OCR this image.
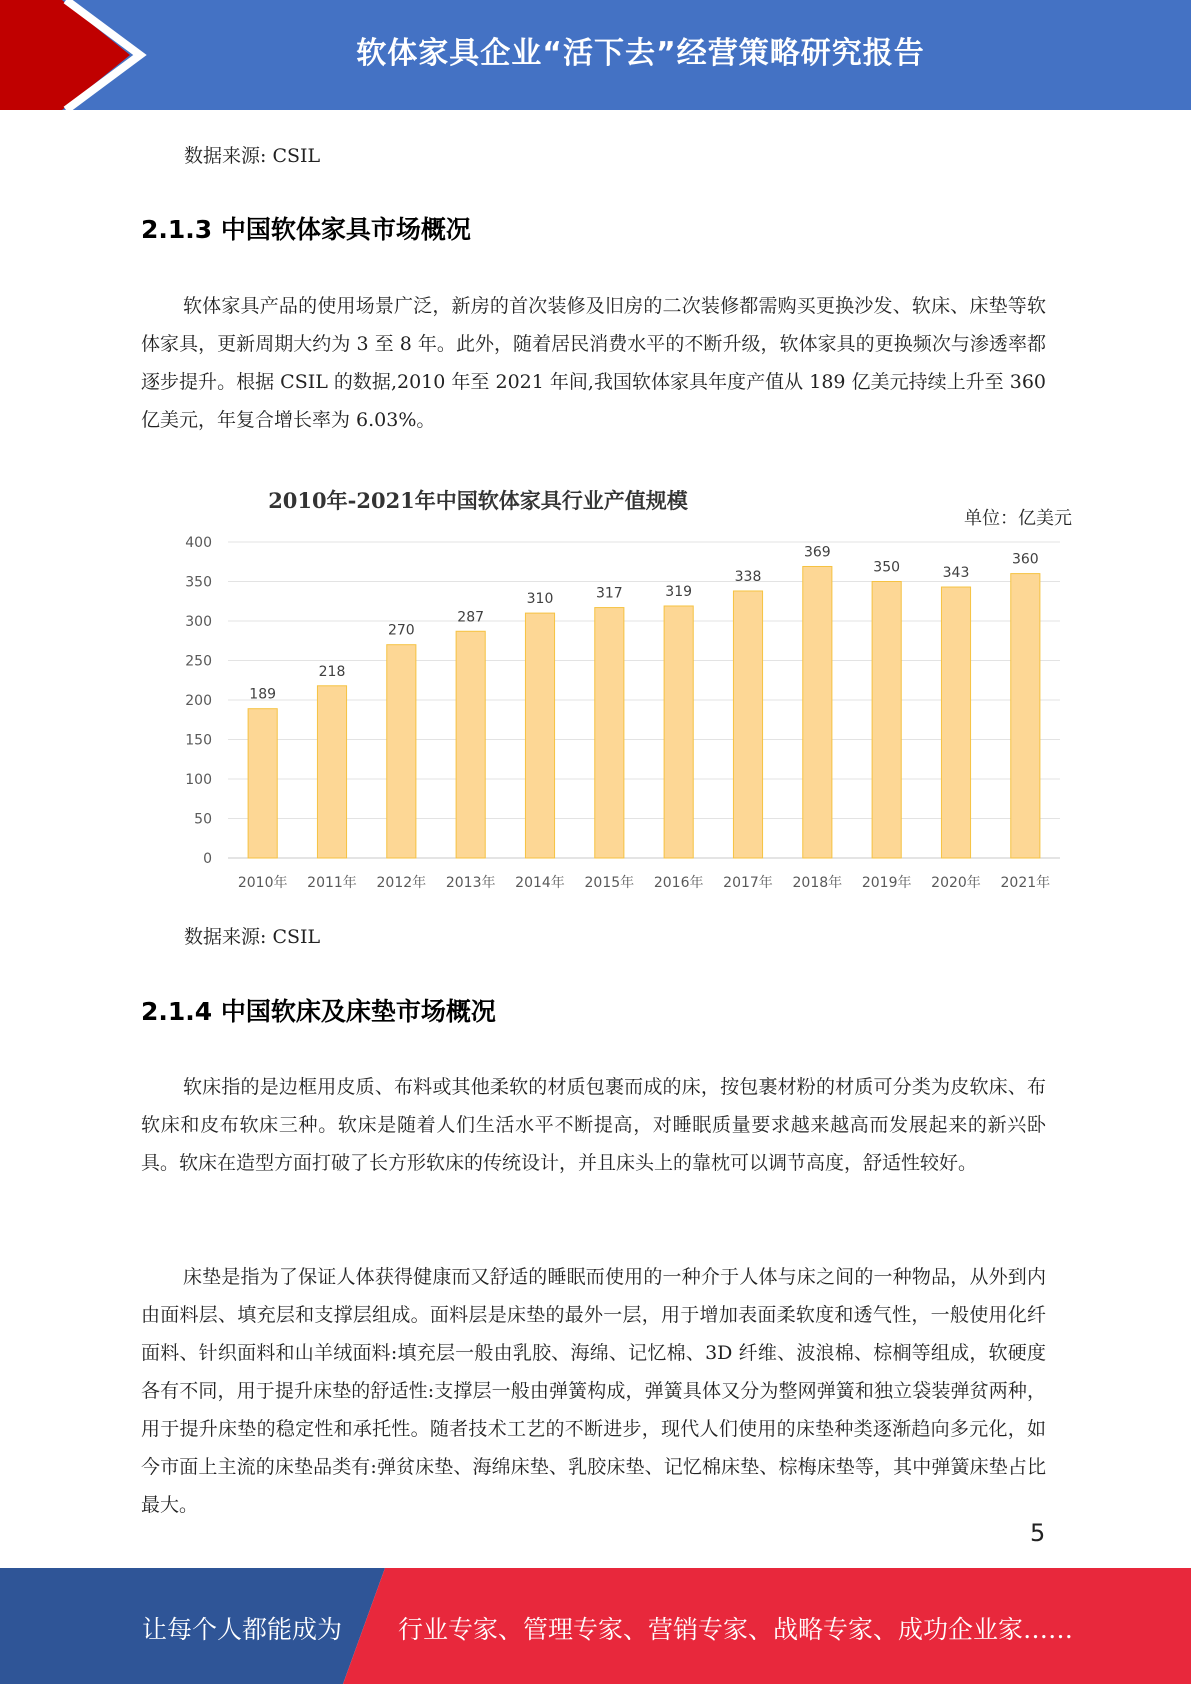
软体家具企业“活下去”经营策略研究报告
数据来源: CSIL
2.1.3 中国软体家具市场概况
软体家具产品的使用场景广泛，新房的首次装修及旧房的二次装修都需购买更换沙发、软床、床垫等软体家具，更新周期大约为 3 至 8 年。此外，随着居民消费水平的不断升级，软体家具的更换频次与渗透率都逐步提升。根据 CSIL 的数据,2010 年至 2021 年间,我国软体家具年度产值从 189 亿美元持续上升至 360 亿美元，年复合增长率为 6.03%。
2010年-2021年中国软体家具行业产值规模
单位：亿美元
0
50
100
150
200
250
300
350
400
189
218
270
287
310	317	319
338
369
350	343
360
2010年 2011年 2012年 2013年 2014年 2015年 2016年 2017年 2018年 2019年 2020年 2021年
数据来源: CSIL
2.1.4 中国软床及床垫市场概况
软床指的是边框用皮质、布料或其他柔软的材质包裹而成的床，按包裹材粉的材质可分类为皮软床、布软床和皮布软床三种。软床是随着人们生活水平不断提高，对睡眠质量要求越来越高而发展起来的新兴卧具。软床在造型方面打破了长方形软床的传统设计，并且床头上的靠枕可以调节高度，舒适性较好。
床垫是指为了保证人体获得健康而又舒适的睡眠而使用的一种介于人体与床之间的一种物品，从外到内由面料层、填充层和支撑层组成。面料层是床垫的最外一层，用于增加表面柔软度和透气性，一般使用化纤面料、针织面料和山羊绒面料:填充层一般由乳胶、海绵、记忆棉、3D 纤维、波浪棉、棕榈等组成，软硬度各有不同，用于提升床垫的舒适性:支撑层一般由弹簧构成，弹簧具体又分为整网弹簧和独立袋装弹贫两种，用于提升床垫的稳定性和承托性。随者技术工艺的不断进步，现代人们使用的床垫种类逐渐趋向多元化，如今市面上主流的床垫品类有:弹贫床垫、海绵床垫、乳胶床垫、记忆棉床垫、棕梅床垫等，其中弹簧床垫占比最大。
5
让每个人都能成为 行业专家、管理专家、营销专家、战略专家、成功企业家……
